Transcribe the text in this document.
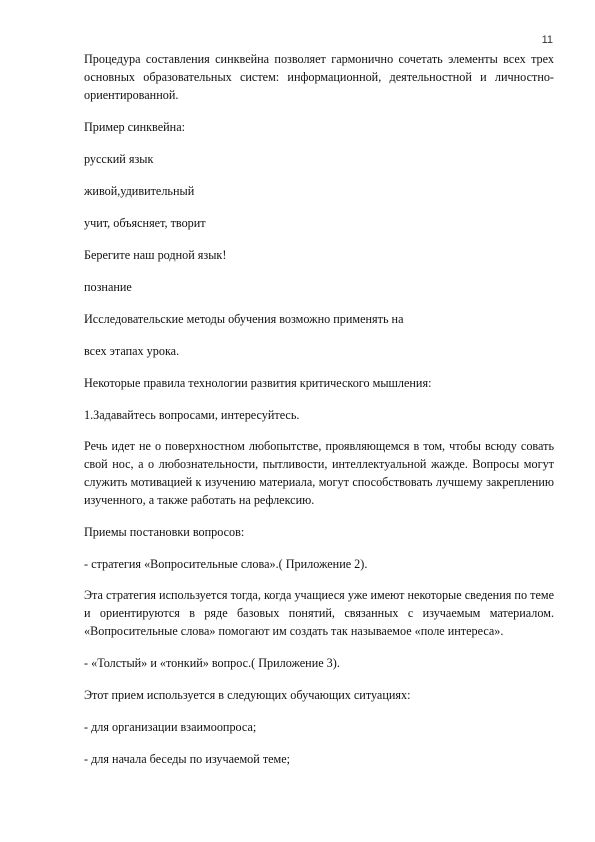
11

Процедура составления синквейна позволяет гармонично сочетать элементы всех трех основных образовательных систем: информационной, деятельностной и личностно-ориентированной.

Пример синквейна:

русский язык

живой,удивительный

учит, объясняет, творит

Берегите наш родной язык!

познание

Исследовательские методы обучения возможно применять на

всех этапах урока.

Некоторые правила технологии развития критического мышления:

1.Задавайтесь вопросами, интересуйтесь.

Речь идет не о поверхностном любопытстве, проявляющемся в том, чтобы всюду совать свой нос, а о любознательности, пытливости, интеллектуальной жажде. Вопросы могут служить мотивацией к изучению материала, могут способствовать лучшему закреплению изученного, а также работать на рефлексию.

Приемы постановки вопросов:

- стратегия «Вопросительные слова».( Приложение 2).

Эта стратегия используется тогда, когда учащиеся уже имеют некоторые сведения по теме и ориентируются в ряде базовых понятий, связанных с изучаемым материалом. «Вопросительные слова» помогают им создать так называемое «поле интереса».

- «Толстый» и «тонкий» вопрос.( Приложение 3).

Этот прием используется в следующих обучающих ситуациях:

- для организации взаимоопроса;

- для начала беседы по изучаемой теме;
